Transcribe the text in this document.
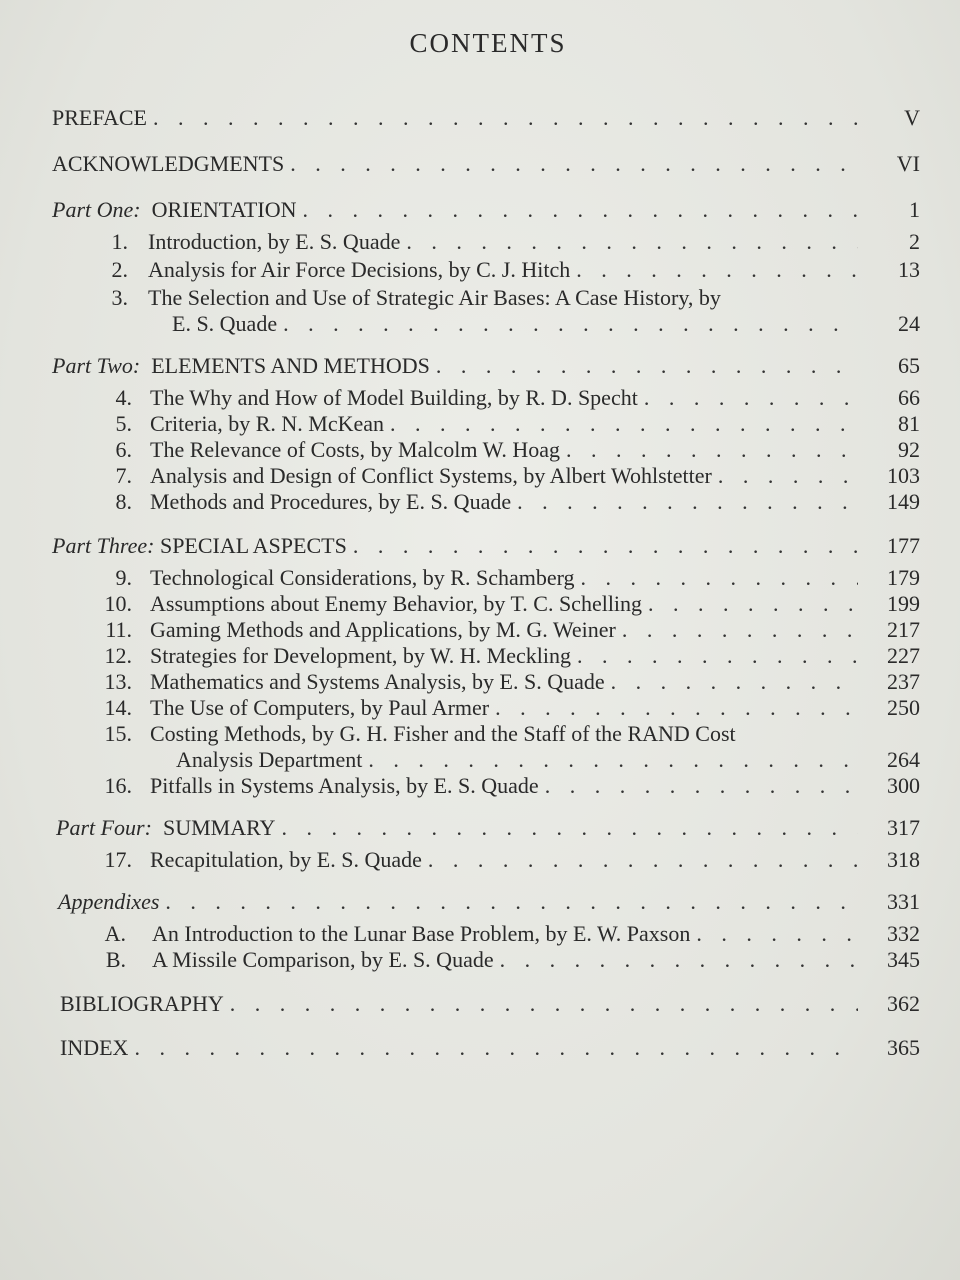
CONTENTS
PREFACE . . .	V
ACKNOWLEDGMENTS . . .	VI
Part One: ORIENTATION . . .	1
1. Introduction, by E. S. Quade . . .	2
2. Analysis for Air Force Decisions, by C. J. Hitch . . .	13
3. The Selection and Use of Strategic Air Bases: A Case History, by
E. S. Quade . . .	24
Part Two: ELEMENTS AND METHODS . . .	65
4. The Why and How of Model Building, by R. D. Specht . . .	66
5. Criteria, by R. N. McKean . . .	81
6. The Relevance of Costs, by Malcolm W. Hoag . . .	92
7. Analysis and Design of Conflict Systems, by Albert Wohlstetter . . .	103
8. Methods and Procedures, by E. S. Quade . . .	149
Part Three: SPECIAL ASPECTS . . .	177
9. Technological Considerations, by R. Schamberg . . .	179
10. Assumptions about Enemy Behavior, by T. C. Schelling . . .	199
11. Gaming Methods and Applications, by M. G. Weiner . . .	217
12. Strategies for Development, by W. H. Meckling . . .	227
13. Mathematics and Systems Analysis, by E. S. Quade . . .	237
14. The Use of Computers, by Paul Armer . . .	250
15. Costing Methods, by G. H. Fisher and the Staff of the RAND Cost
Analysis Department . . .	264
16. Pitfalls in Systems Analysis, by E. S. Quade . . .	300
Part Four: SUMMARY . . .	317
17. Recapitulation, by E. S. Quade . . .	318
Appendixes . . .	331
A. An Introduction to the Lunar Base Problem, by E. W. Paxson . . .	332
B. A Missile Comparison, by E. S. Quade . . .	345
BIBLIOGRAPHY . . .	362
INDEX . . .	365
